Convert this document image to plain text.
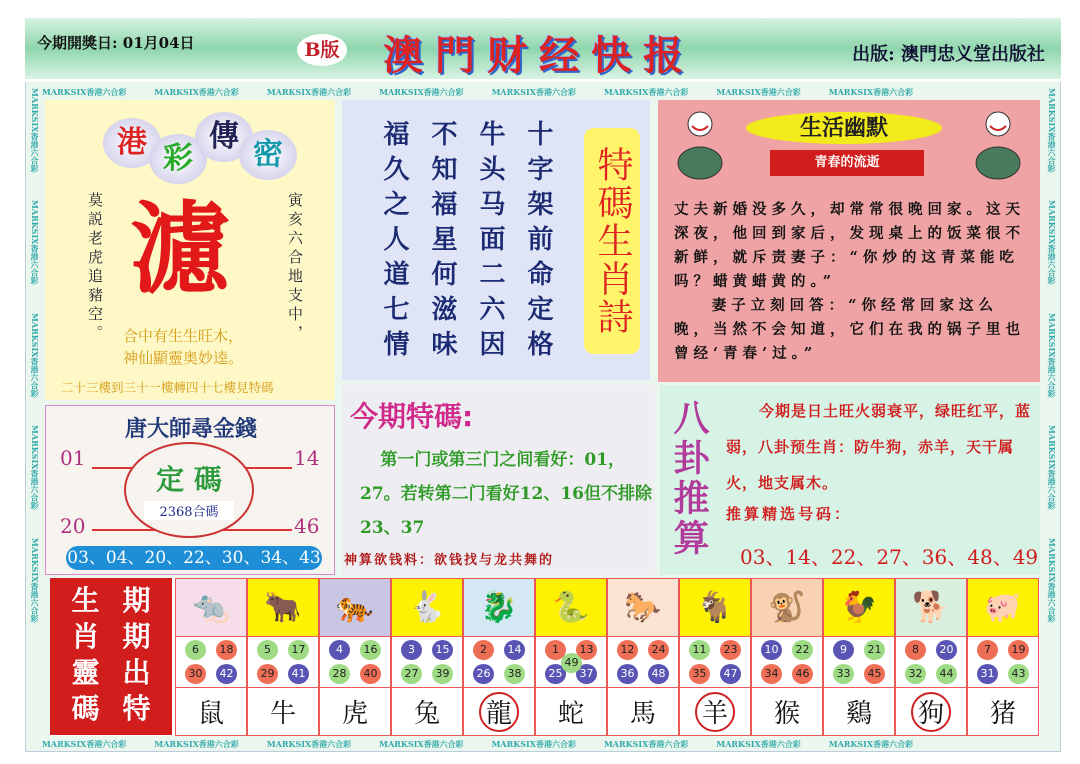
今期開獎日: 01月04日	B版 澳門财经快报	出版: 澳門忠义堂出版社
MARKSIX香港六合彩	MARKSIX香港六合彩	MARKSIX香港六合彩	MARKSIX香港六合彩	MARKSIX香港六合彩	MARKSIX香港六合彩	MARKSIX香港六合彩	MARKSIX香港六合彩
MARKSIX香港六合彩	MARKSIX香港六合彩	MARKSIX香港六合彩	MARKSIX香港六合彩	MARKSIX香港六合彩	MARKSIX香港六合彩	MARKSIX香港六合彩	MARKSIX香港六合彩
MARKSIX香港六合彩MARKSIX香港六合彩MARKSIX香港六合彩MARKSIX香港六合彩MARKSIX香港六合彩
MARKSIX香港六合彩MARKSIX香港六合彩MARKSIX香港六合彩MARKSIX香港六合彩MARKSIX香港六合彩
港 彩
傳
密
濾
莫説老虎追豬空。	寅亥六合地支中，
合中有生生旺木，
神仙顯靈奥妙逵。
二十三樓到三十一樓轉四十七樓見特碼
福久之人道七情 不知福星何滋味 牛头马面二六因 十字架前命定格 特碼生肖詩
生活幽默
青春的流逝

丈夫新婚没多久，却常常很晚回家。这天深夜，他回到家后，发现桌上的饭菜很不新鲜，就斥责妻子：“你炒的这青菜能吃吗？蜡黄蜡黄的。”

妻子立刻回答：“你经常回家这么晚，当然不会知道，它们在我的锅子里也曾经‘青春’过。”

唐大師尋金錢
01	14
20	46
定 碼
2368合碼
03、04、20、22、30、34、43
今期特碼:
第一门或第三门之间看好：01，27。若转第二门看好12、16但不排除23、37
神算欲钱料：欲钱找与龙共舞的
八卦推算	今期是日土旺火弱衰平，绿旺红平，蓝弱，八卦预生肖：防牛狗，赤羊，天干属火，地支属木。
推算精选号码：
03、14、22、27、36、48、49
生 期
肖 期
靈 出
碼 特
🐀
6	18
30	42
鼠
🐂
5	17
29	41
牛
🐅
4	16
28	40
虎
🐇
3	15
27	39
兔
🐉
2	14
26	38
龍
🐍
1	13
49
25	37
蛇
🐎
12	24
36	48
馬
🐐
11	23
35	47
羊
🐒
10	22
34	46
猴
🐓
9	21
33	45
鷄
🐕
8	20
32	44
狗
🐖
7	19
31	43
猪
